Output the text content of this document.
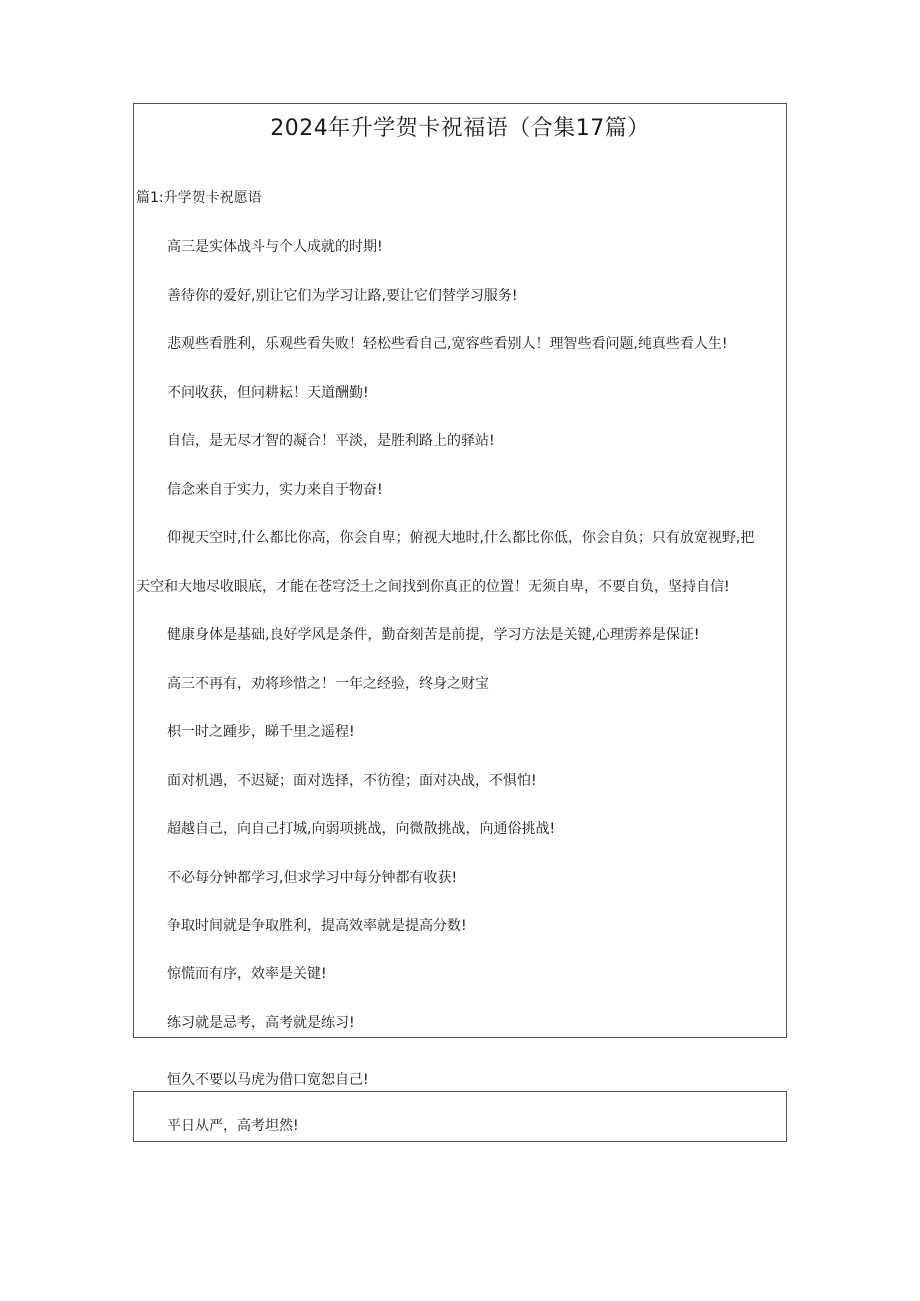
2024年升学贺卡祝福语（合集17篇）
篇1:升学贺卡祝愿语
高三是实体战斗与个人成就的时期!
善待你的爱好,别让它们为学习让路,要让它们替学习服务!
悲观些看胜利，乐观些看失败！轻松些看自己,宽容些看别人！理智些看问题,纯真些看人生!
不问收获，但问耕耘！天道酬勤!
自信，是无尽才智的凝合！平淡，是胜利路上的驿站!
信念来自于实力，实力来自于物奋!
仰视天空时,什么都比你高，你会自卑；俯视大地时,什么都比你低，你会自负；只有放宽视野,把
天空和大地尽收眼底，才能在苍穹泛土之间找到你真正的位置！无须自卑，不要自负，坚持自信!
健康身体是基础,良好学风是条件，勤奋刻苦是前提，学习方法是关键,心理雳养是保证!
高三不再有，劝将珍惜之！一年之经验，终身之财宝
枳一时之踵步，睇千里之遥程!
面对机遇，不迟疑；面对选择，不彷徨；面对决战，不惧怕!
超越自己，向自己打城,向弱项挑战，向微散挑战，向通俗挑战!
不必每分钟都学习,但求学习中每分钟都有收获!
争取时间就是争取胜利，提高效率就是提高分数!
惊慌而有序，效率是关键!
练习就是忌考，高考就是练习!
恒久不要以马虎为借口宽恕自己!
平日从严，高考坦然!
